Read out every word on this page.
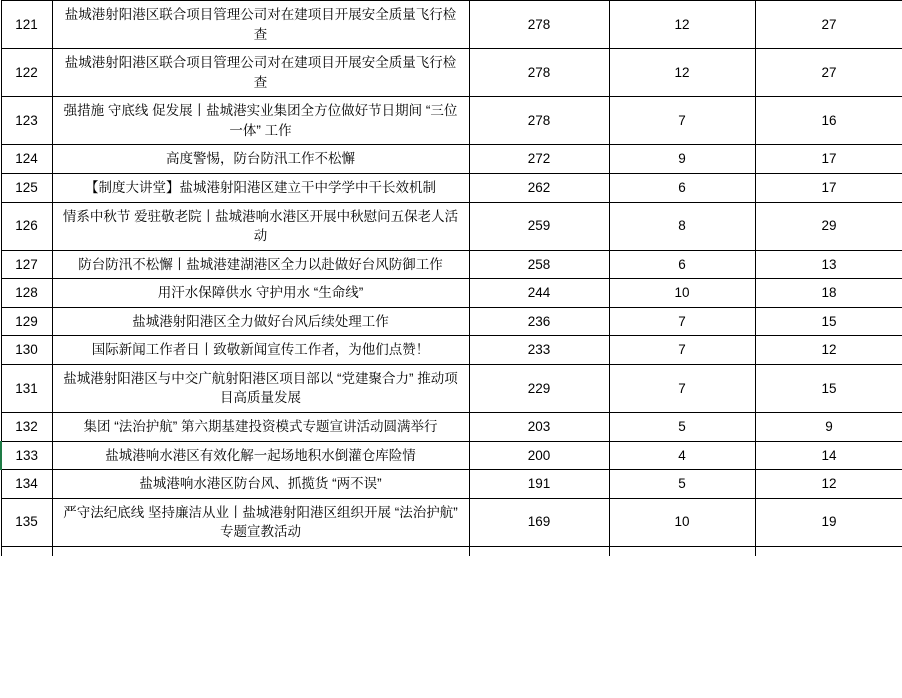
121	盐城港射阳港区联合项目管理公司对在建项目开展安全质量飞行检查	278	12	27
122	盐城港射阳港区联合项目管理公司对在建项目开展安全质量飞行检查	278	12	27
123	强措施 守底线 促发展丨盐城港实业集团全方位做好节日期间 “三位一体” 工作	278	7	16
124	高度警惕，防台防汛工作不松懈	272	9	17
125	【制度大讲堂】盐城港射阳港区建立干中学学中干长效机制	262	6	17
126	情系中秋节 爱驻敬老院丨盐城港响水港区开展中秋慰问五保老人活动	259	8	29
127	防台防汛不松懈丨盐城港建湖港区全力以赴做好台风防御工作	258	6	13
128	用汗水保障供水 守护用水 “生命线”	244	10	18
129	盐城港射阳港区全力做好台风后续处理工作	236	7	15
130	国际新闻工作者日丨致敬新闻宣传工作者，为他们点赞！	233	7	12
131	盐城港射阳港区与中交广航射阳港区项目部以 “党建聚合力” 推动项目高质量发展	229	7	15
132	集团 “法治护航” 第六期基建投资模式专题宣讲活动圆满举行	203	5	9
133	盐城港响水港区有效化解一起场地积水倒灌仓库险情	200	4	14
134	盐城港响水港区防台风、抓揽货 “两不误”	191	5	12
135	严守法纪底线 坚持廉洁从业丨盐城港射阳港区组织开展 “法治护航” 专题宣教活动	169	10	19
